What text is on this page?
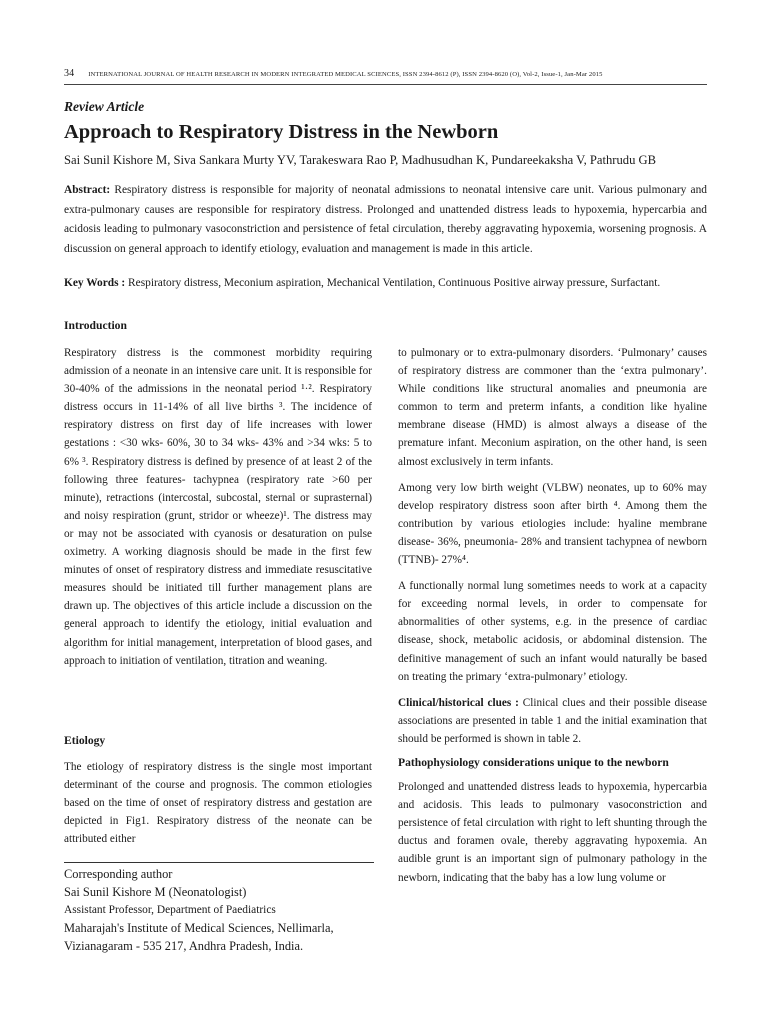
34 INTERNATIONAL JOURNAL OF HEALTH RESEARCH IN MODERN INTEGRATED MEDICAL SCIENCES, ISSN 2394-8612 (P), ISSN 2394-8620 (O), Vol-2, Issue-1, Jan-Mar 2015
Review Article
Approach to Respiratory Distress in the Newborn
Sai Sunil Kishore M, Siva Sankara Murty YV, Tarakeswara Rao P, Madhusudhan K, Pundareekaksha V, Pathrudu GB

Abstract: Respiratory distress is responsible for majority of neonatal admissions to neonatal intensive care unit. Various pulmonary and extra-pulmonary causes are responsible for respiratory distress. Prolonged and unattended distress leads to hypoxemia, hypercarbia and acidosis leading to pulmonary vasoconstriction and persistence of fetal circulation, thereby aggravating hypoxemia, worsening prognosis. A discussion on general approach to identify etiology, evaluation and management is made in this article.

Key Words : Respiratory distress, Meconium aspiration, Mechanical Ventilation, Continuous Positive airway pressure, Surfactant.

Introduction

Respiratory distress is the commonest morbidity requiring admission of a neonate in an intensive care unit. It is responsible for 30-40% of the admissions in the neonatal period ¹·². Respiratory distress occurs in 11-14% of all live births ³. The incidence of respiratory distress on first day of life increases with lower gestations : <30 wks- 60%, 30 to 34 wks- 43% and >34 wks: 5 to 6% ³. Respiratory distress is defined by presence of at least 2 of the following three features- tachypnea (respiratory rate >60 per minute), retractions (intercostal, subcostal, sternal or suprasternal) and noisy respiration (grunt, stridor or wheeze)¹. The distress may or may not be associated with cyanosis or desaturation on pulse oximetry. A working diagnosis should be made in the first few minutes of onset of respiratory distress and immediate resuscitative measures should be initiated till further management plans are drawn up. The objectives of this article include a discussion on the general approach to identify the etiology, initial evaluation and algorithm for initial management, interpretation of blood gases, and approach to initiation of ventilation, titration and weaning.

Etiology

The etiology of respiratory distress is the single most important determinant of the course and prognosis. The common etiologies based on the time of onset of respiratory distress and gestation are depicted in Fig1. Respiratory distress of the neonate can be attributed either

Corresponding author
Sai Sunil Kishore M (Neonatologist)
Assistant Professor, Department of Paediatrics
Maharajah's Institute of Medical Sciences, Nellimarla,
Vizianagaram - 535 217, Andhra Pradesh, India.

to pulmonary or to extra-pulmonary disorders. ‘Pulmonary’ causes of respiratory distress are commoner than the ‘extra pulmonary’. While conditions like structural anomalies and pneumonia are common to term and preterm infants, a condition like hyaline membrane disease (HMD) is almost always a disease of the premature infant. Meconium aspiration, on the other hand, is seen almost exclusively in term infants.

Among very low birth weight (VLBW) neonates, up to 60% may develop respiratory distress soon after birth ⁴. Among them the contribution by various etiologies include: hyaline membrane disease- 36%, pneumonia- 28% and transient tachypnea of newborn (TTNB)- 27%⁴.

A functionally normal lung sometimes needs to work at a capacity for exceeding normal levels, in order to compensate for abnormalities of other systems, e.g. in the presence of cardiac disease, shock, metabolic acidosis, or abdominal distension. The definitive management of such an infant would naturally be based on treating the primary ‘extra-pulmonary’ etiology.

Clinical/historical clues : Clinical clues and their possible disease associations are presented in table 1 and the initial examination that should be performed is shown in table 2.

Pathophysiology considerations unique to the newborn

Prolonged and unattended distress leads to hypoxemia, hypercarbia and acidosis. This leads to pulmonary vasoconstriction and persistence of fetal circulation with right to left shunting through the ductus and foramen ovale, thereby aggravating hypoxemia. An audible grunt is an important sign of pulmonary pathology in the newborn, indicating that the baby has a low lung volume or
